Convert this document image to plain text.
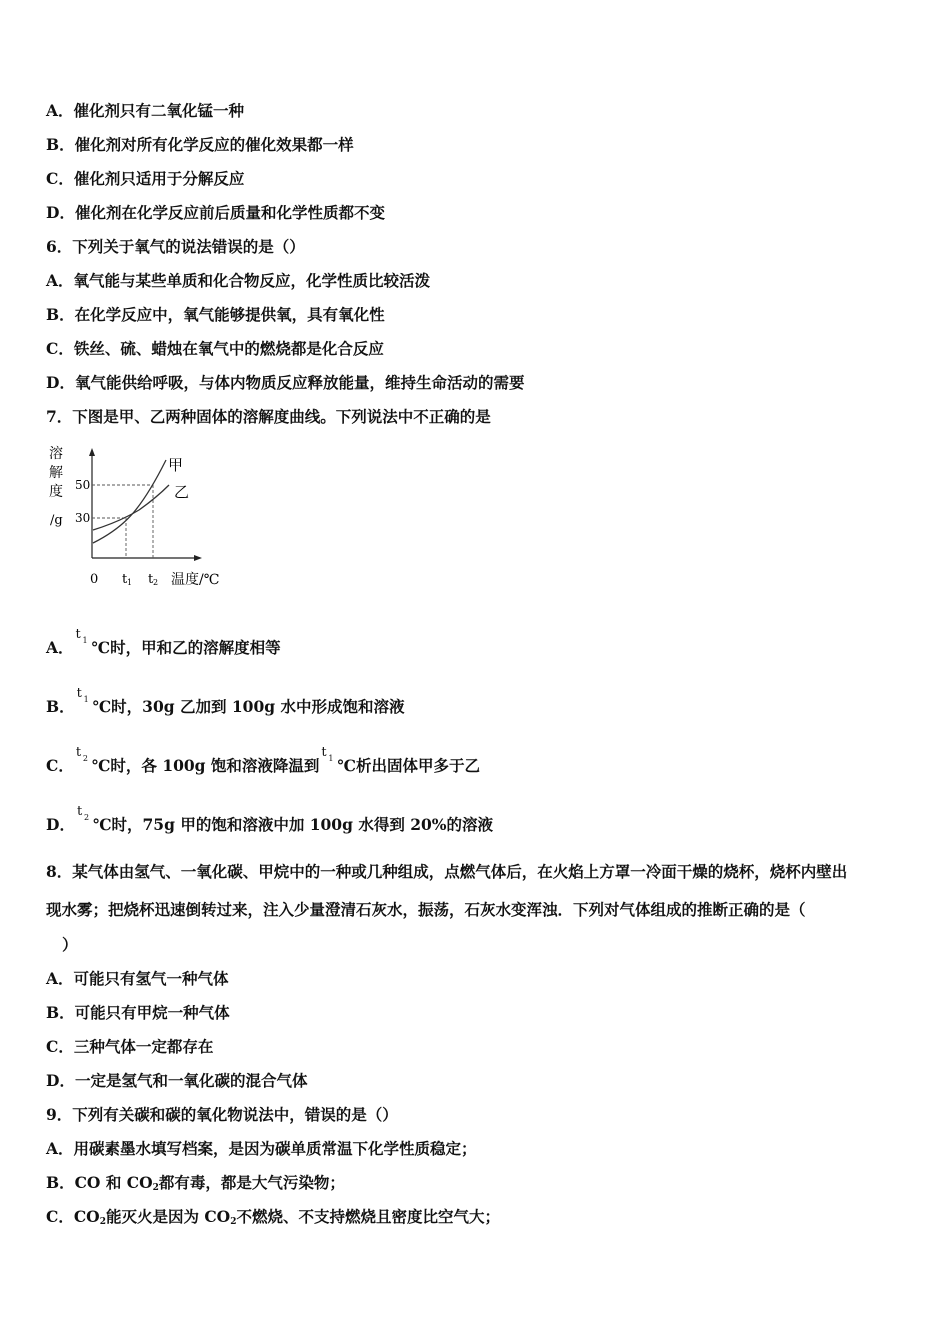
A．催化剂只有二氧化锰一种
B．催化剂对所有化学反应的催化效果都一样
C．催化剂只适用于分解反应
D．催化剂在化学反应前后质量和化学性质都不变
6．下列关于氧气的说法错误的是（）
A．氧气能与某些单质和化合物反应，化学性质比较活泼
B．在化学反应中，氧气能够提供氧，具有氧化性
C．铁丝、硫、蜡烛在氧气中的燃烧都是化合反应
D．氧气能供给呼吸，与体内物质反应释放能量，维持生命活动的需要
7．下图是甲、乙两种固体的溶解度曲线。下列说法中不正确的是
溶
解
度
/g
50
30
甲
乙
0 t 1 t 2 温度/℃
A．
t 1 ℃时，甲和乙的溶解度相等
B．
t 1 ℃时，30g 乙加到 100g 水中形成饱和溶液
C．
t 2 ℃时，各 100g 饱和溶液降温到
t 1 ℃析出固体甲多于乙
D．
t 2 ℃时，75g 甲的饱和溶液中加 100g 水得到 20%的溶液
8．某气体由氢气、一氧化碳、甲烷中的一种或几种组成，点燃气体后，在火焰上方罩一冷面干燥的烧杯，烧杯内壁出
现水雾；把烧杯迅速倒转过来，注入少量澄清石灰水，振荡，石灰水变浑浊．下列对气体组成的推断正确的是（
）
A．可能只有氢气一种气体
B．可能只有甲烷一种气体
C．三种气体一定都存在
D．一定是氢气和一氧化碳的混合气体
9．下列有关碳和碳的氧化物说法中，错误的是（）
A．用碳素墨水填写档案，是因为碳单质常温下化学性质稳定；
B．CO 和 $CO_2$都有毒，都是大气污染物；
C．$CO_2$能灭火是因为 $CO_2$不燃烧、不支持燃烧且密度比空气大；
